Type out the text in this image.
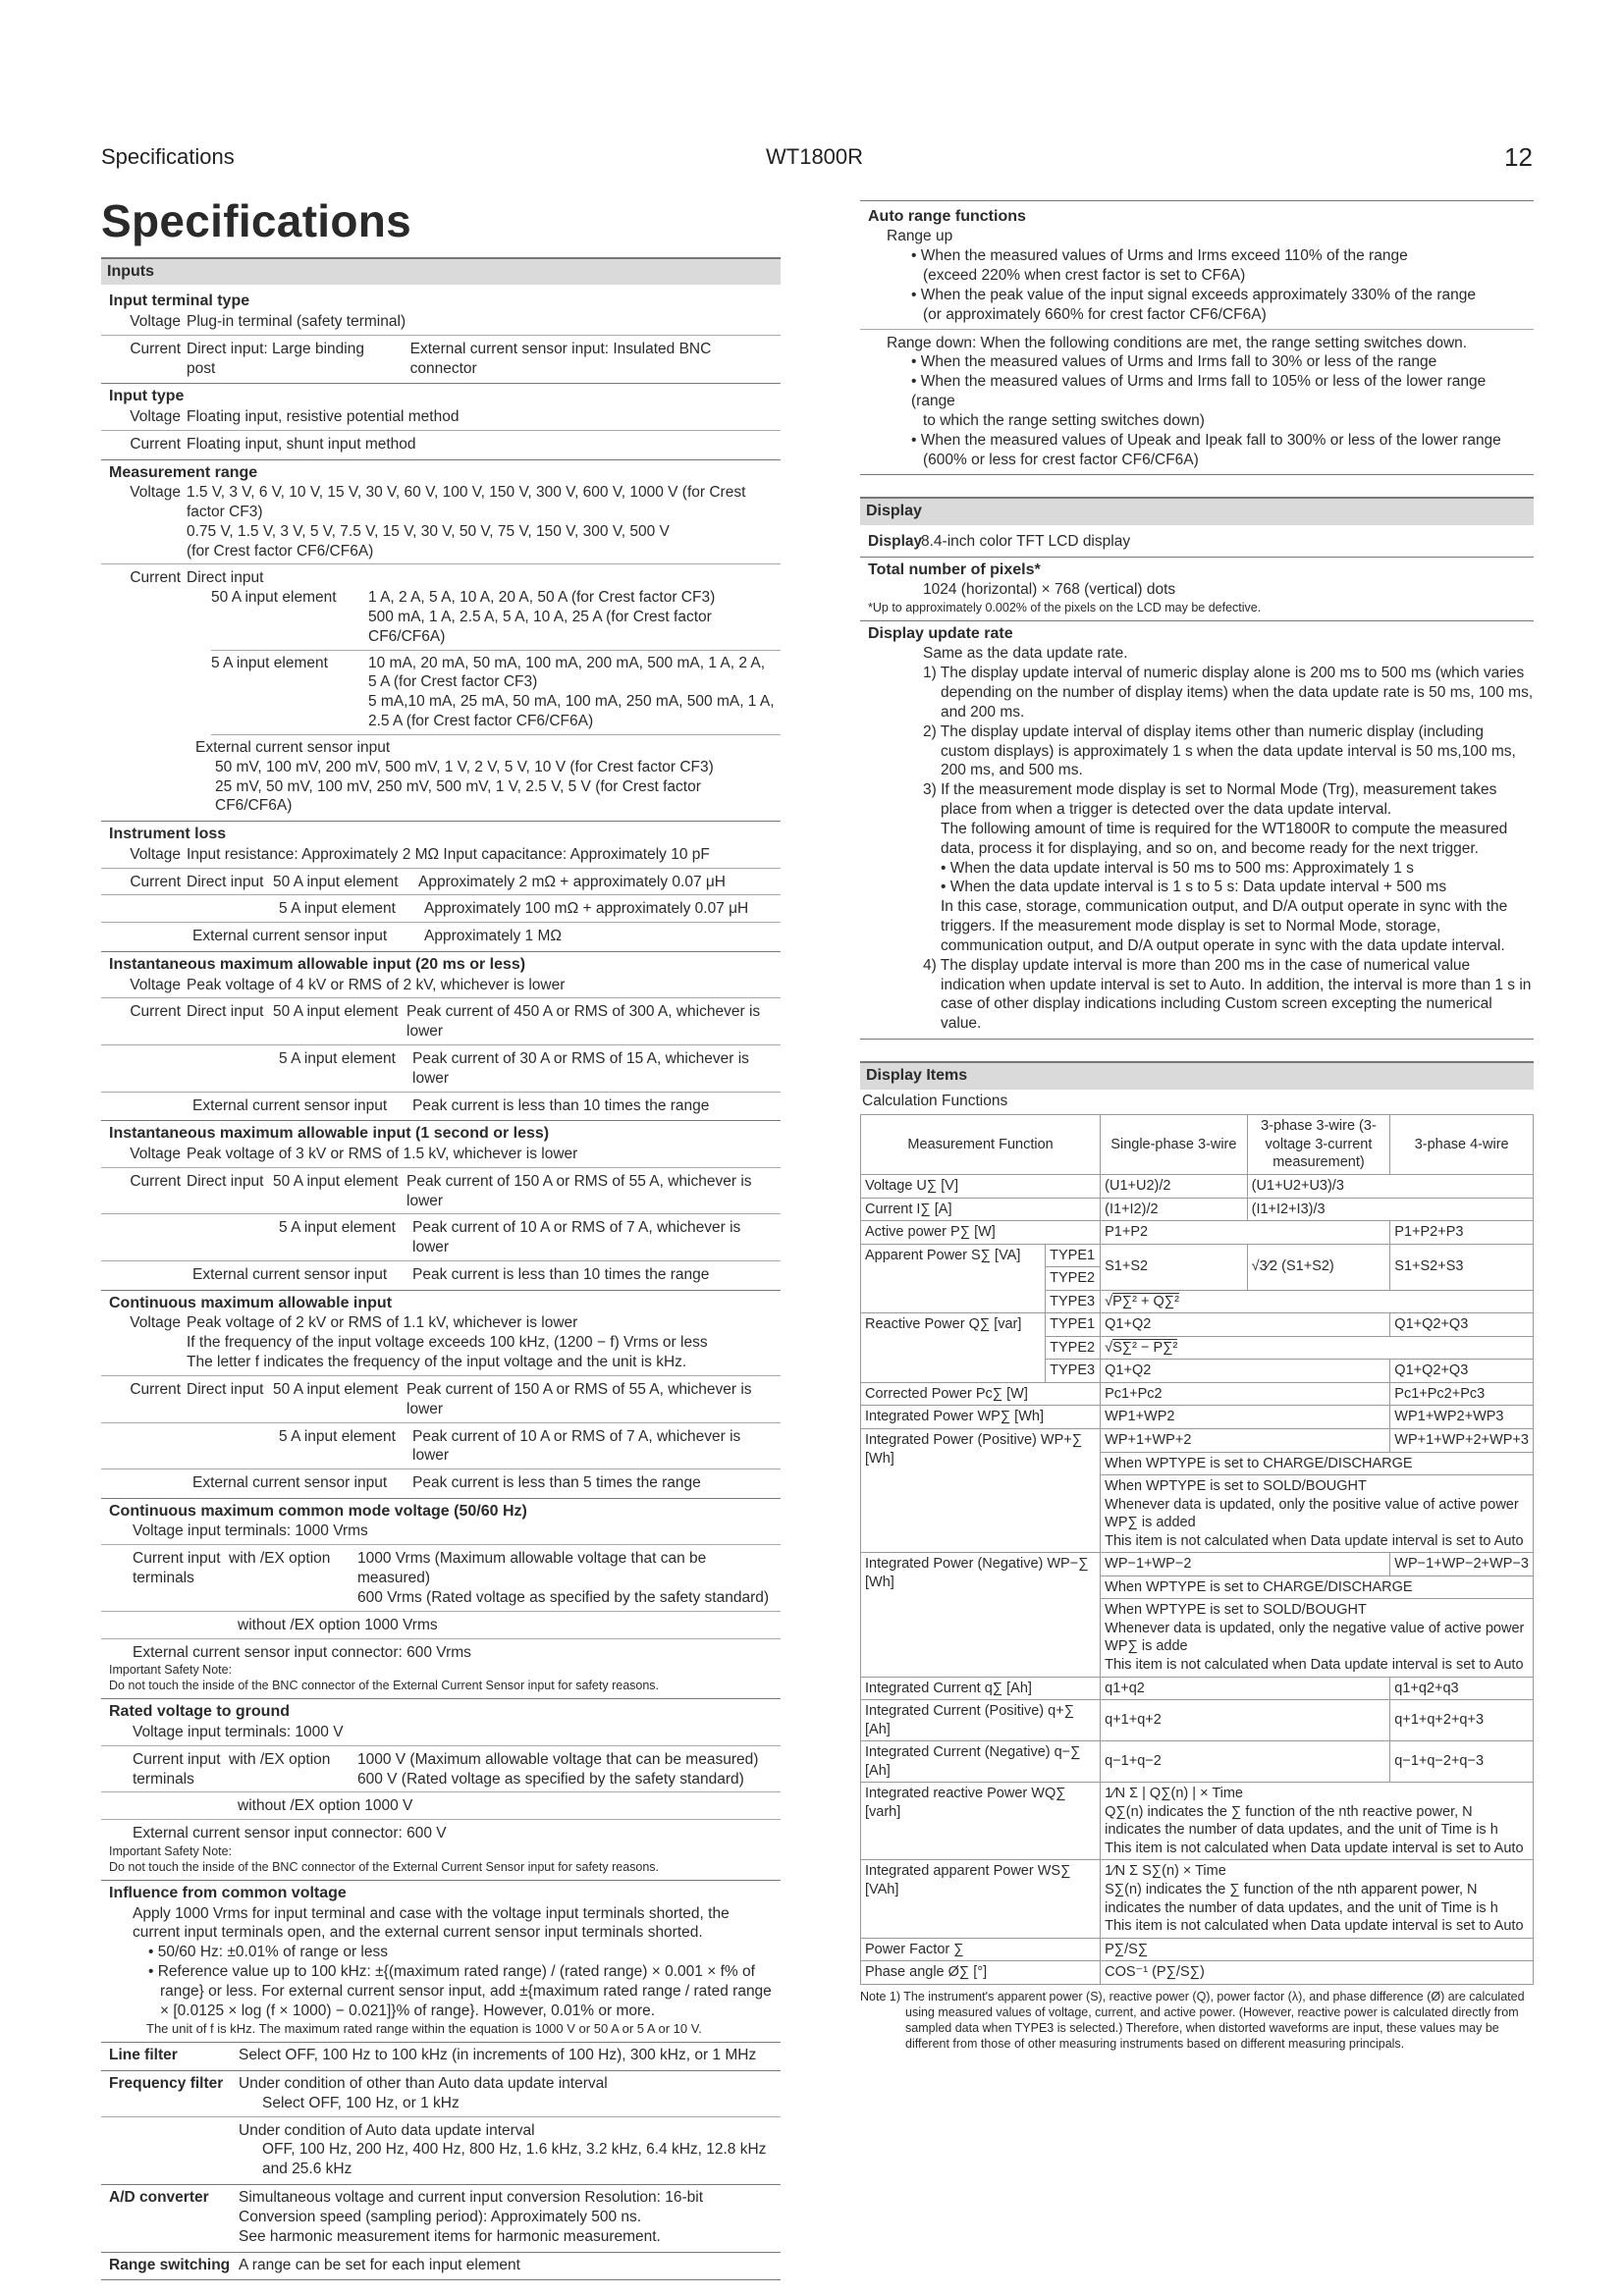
Specifications	WT1800R	12
Specifications
Inputs
Input terminal type
Voltage Plug-in terminal (safety terminal)
Current Direct input: Large binding post
External current sensor input: Insulated BNC connector
Input type
Voltage Floating input, resistive potential method
Current Floating input, shunt input method
Measurement range
Voltage 1.5 V, 3 V, 6 V, 10 V, 15 V, 30 V, 60 V, 100 V, 150 V, 300 V, 600 V, 1000 V (for Crest factor CF3)
0.75 V, 1.5 V, 3 V, 5 V, 7.5 V, 15 V, 30 V, 50 V, 75 V, 150 V, 300 V, 500 V
(for Crest factor CF6/CF6A)
Current Direct input
50 A input element	1 A, 2 A, 5 A, 10 A, 20 A, 50 A (for Crest factor CF3)
500 mA, 1 A, 2.5 A, 5 A, 10 A, 25 A (for Crest factor CF6/CF6A)
5 A input element	10 mA, 20 mA, 50 mA, 100 mA, 200 mA, 500 mA, 1 A, 2 A,
5 A (for Crest factor CF3)
5 mA,10 mA, 25 mA, 50 mA, 100 mA, 250 mA, 500 mA, 1 A,
2.5 A (for Crest factor CF6/CF6A)
External current sensor input
50 mV, 100 mV, 200 mV, 500 mV, 1 V, 2 V, 5 V, 10 V (for Crest factor CF3)
25 mV, 50 mV, 100 mV, 250 mV, 500 mV, 1 V, 2.5 V, 5 V (for Crest factor CF6/CF6A)
Instrument loss
Voltage Input resistance: Approximately 2 MΩ Input capacitance: Approximately 10 pF
Current Direct input 50 A input element	Approximately 2 mΩ + approximately 0.07 μH
5 A input element	Approximately 100 mΩ + approximately 0.07 μH
External current sensor input	Approximately 1 MΩ
Instantaneous maximum allowable input (20 ms or less)
Voltage Peak voltage of 4 kV or RMS of 2 kV, whichever is lower
Current Direct input 50 A input element Peak current of 450 A or RMS of 300 A, whichever is lower
5 A input element	Peak current of 30 A or RMS of 15 A, whichever is lower
External current sensor input	Peak current is less than 10 times the range
Instantaneous maximum allowable input (1 second or less)
Voltage Peak voltage of 3 kV or RMS of 1.5 kV, whichever is lower
Current Direct input 50 A input element Peak current of 150 A or RMS of 55 A, whichever is lower
5 A input element	Peak current of 10 A or RMS of 7 A, whichever is lower
External current sensor input	Peak current is less than 10 times the range
Continuous maximum allowable input
Voltage Peak voltage of 2 kV or RMS of 1.1 kV, whichever is lower
If the frequency of the input voltage exceeds 100 kHz, (1200 − f) Vrms or less
The letter f indicates the frequency of the input voltage and the unit is kHz.
Current Direct input 50 A input element Peak current of 150 A or RMS of 55 A, whichever is lower
5 A input element	Peak current of 10 A or RMS of 7 A, whichever is lower
External current sensor input	Peak current is less than 5 times the range
Continuous maximum common mode voltage (50/60 Hz)
Voltage input terminals: 1000 Vrms
Current input terminals
with /EX option	1000 Vrms (Maximum allowable voltage that can be measured)
600 Vrms (Rated voltage as specified by the safety standard)
without /EX option 1000 Vrms
External current sensor input connector: 600 Vrms
Important Safety Note:
Do not touch the inside of the BNC connector of the External Current Sensor input for safety reasons.
Rated voltage to ground
Voltage input terminals: 1000 V
Current input terminals
with /EX option	1000 V (Maximum allowable voltage that can be measured)
600 V (Rated voltage as specified by the safety standard)
without /EX option 1000 V
External current sensor input connector: 600 V
Important Safety Note:
Do not touch the inside of the BNC connector of the External Current Sensor input for safety reasons.
Influence from common voltage
Apply 1000 Vrms for input terminal and case with the voltage input terminals shorted, the current input terminals open, and the external current sensor input terminals shorted.
• 50/60 Hz: ±0.01% of range or less
• Reference value up to 100 kHz: ±{(maximum rated range) / (rated range) × 0.001 × f% of range} or less. For external current sensor input, add ±{maximum rated range / rated range × [0.0125 × log (f × 1000) − 0.021]}% of range}. However, 0.01% or more.
The unit of f is kHz. The maximum rated range within the equation is 1000 V or 50 A or 5 A or 10 V.
Line filter	Select OFF, 100 Hz to 100 kHz (in increments of 100 Hz), 300 kHz, or 1 MHz
Frequency filter	Under condition of other than Auto data update interval
Select OFF, 100 Hz, or 1 kHz
Under condition of Auto data update interval
OFF, 100 Hz, 200 Hz, 400 Hz, 800 Hz, 1.6 kHz, 3.2 kHz, 6.4 kHz, 12.8 kHz
and 25.6 kHz
A/D converter	Simultaneous voltage and current input conversion Resolution: 16-bit
Conversion speed (sampling period): Approximately 500 ns.
See harmonic measurement items for harmonic measurement.
Range switching A range can be set for each input element
Auto range functions
Range up
• When the measured values of Urms and Irms exceed 110% of the range
(exceed 220% when crest factor is set to CF6A)
• When the peak value of the input signal exceeds approximately 330% of the range
(or approximately 660% for crest factor CF6/CF6A)
Range down: When the following conditions are met, the range setting switches down.
• When the measured values of Urms and Irms fall to 30% or less of the range
• When the measured values of Urms and Irms fall to 105% or less of the lower range (range
to which the range setting switches down)
• When the measured values of Upeak and Ipeak fall to 300% or less of the lower range
(600% or less for crest factor CF6/CF6A)
Display
Display
8.4-inch color TFT LCD display
Total number of pixels*
1024 (horizontal) × 768 (vertical) dots
*Up to approximately 0.002% of the pixels on the LCD may be defective.
Display update rate
Same as the data update rate.
1) The display update interval of numeric display alone is 200 ms to 500 ms (which varies depending on the number of display items) when the data update rate is 50 ms, 100 ms, and 200 ms.
2) The display update interval of display items other than numeric display (including custom displays) is approximately 1 s when the data update interval is 50 ms,100 ms, 200 ms, and 500 ms.
3) If the measurement mode display is set to Normal Mode (Trg), measurement takes place from when a trigger is detected over the data update interval.
The following amount of time is required for the WT1800R to compute the measured data, process it for displaying, and so on, and become ready for the next trigger.
• When the data update interval is 50 ms to 500 ms: Approximately 1 s
• When the data update interval is 1 s to 5 s: Data update interval + 500 ms
In this case, storage, communication output, and D/A output operate in sync with the triggers. If the measurement mode display is set to Normal Mode, storage, communication output, and D/A output operate in sync with the data update interval.
4) The display update interval is more than 200 ms in the case of numerical value indication when update interval is set to Auto. In addition, the interval is more than 1 s in case of other display indications including Custom screen excepting the numerical value.
Display Items
Calculation Functions
Measurement Function		Single-phase 3-wire	3-phase 3-wire (3-voltage 3-current measurement)	3-phase 4-wire
Voltage U∑ [V]		(U1+U2)/2	(U1+U2+U3)/3	
Current I∑ [A]		(I1+I2)/2	(I1+I2+I3)/3	
Active power P∑ [W]		P1+P2		P1+P2+P3
Apparent Power S∑ [VA]	TYPE1	S1+S2	√3⁄2 (S1+S2)	S1+S2+S3
	TYPE2			
	TYPE3	√P∑² + Q∑²		
Reactive Power Q∑ [var]	TYPE1	Q1+Q2		Q1+Q2+Q3
	TYPE2	√S∑² − P∑²		
	TYPE3	Q1+Q2		Q1+Q2+Q3
Corrected Power Pc∑ [W]		Pc1+Pc2		Pc1+Pc2+Pc3
Integrated Power WP∑ [Wh]		WP1+WP2		WP1+WP2+WP3
Integrated Power (Positive) WP+∑ [Wh]		WP+1+WP+2		WP+1+WP+2+WP+3
		When WPTYPE is set to CHARGE/DISCHARGE		

		When WPTYPE is set to SOLD/BOUGHT
Whenever data is updated, only the positive value of active power
WP∑ is added
This item is not calculated when Data update interval is set to Auto		

Integrated Power (Negative) WP−∑ [Wh]		WP−1+WP−2		WP−1+WP−2+WP−3
		When WPTYPE is set to CHARGE/DISCHARGE		

		When WPTYPE is set to SOLD/BOUGHT
Whenever data is updated, only the negative value of active power
WP∑ is adde
This item is not calculated when Data update interval is set to Auto		

Integrated Current q∑ [Ah]		q1+q2		q1+q2+q3
Integrated Current (Positive) q+∑ [Ah]		q+1+q+2		q+1+q+2+q+3
Integrated Current (Negative) q−∑ [Ah]		q−1+q−2		q−1+q−2+q−3
Integrated reactive Power WQ∑ [varh]		1⁄N Σ | Q∑(n) | × Time
Q∑(n) indicates the ∑ function of the nth reactive power, N indicates the number of data updates, and the unit of Time is h
This item is not calculated when Data update interval is set to Auto		

Integrated apparent Power WS∑ [VAh]		1⁄N Σ S∑(n) × Time
S∑(n) indicates the ∑ function of the nth apparent power, N indicates the number of data updates, and the unit of Time is h
This item is not calculated when Data update interval is set to Auto		

Power Factor ∑		P∑/S∑		
Phase angle Ø∑ [°]		COS⁻¹ (P∑/S∑)		
Note 1) The instrument's apparent power (S), reactive power (Q), power factor (λ), and phase difference (Ø) are calculated using measured values of voltage, current, and active power. (However, reactive power is calculated directly from sampled data when TYPE3 is selected.) Therefore, when distorted waveforms are input, these values may be different from those of other measuring instruments based on different measuring principals.
